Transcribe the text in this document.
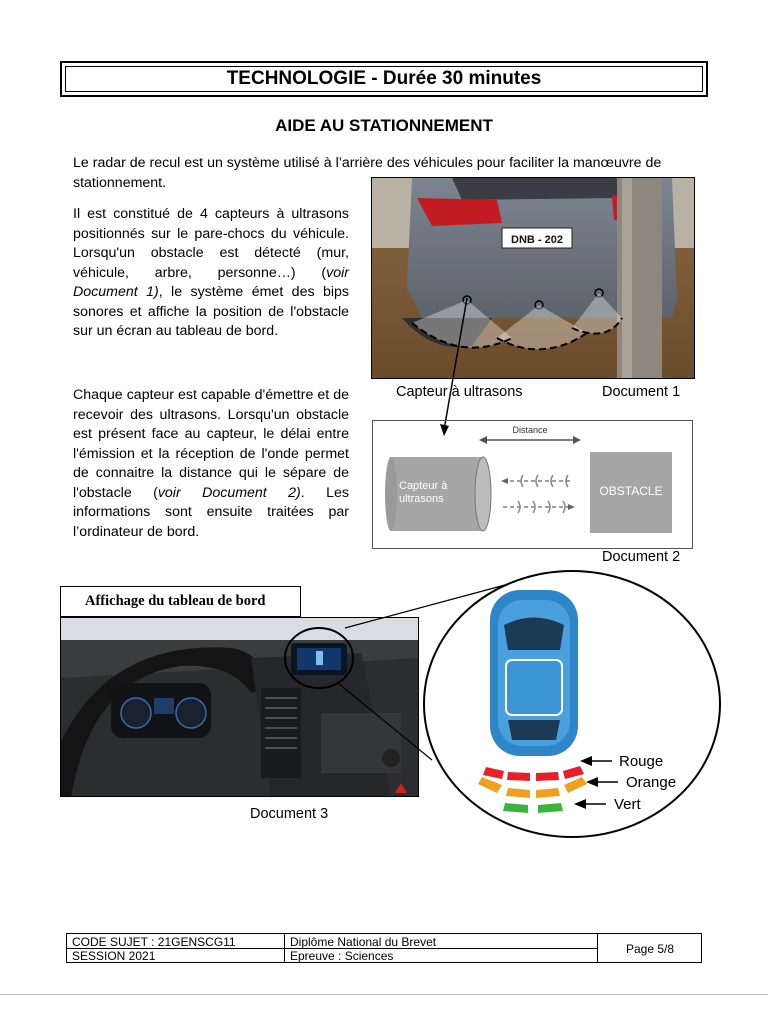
TECHNOLOGIE - Durée 30 minutes
AIDE AU STATIONNEMENT
Le radar de recul est un système utilisé à l’arrière des véhicules pour faciliter la manœuvre de stationnement.
Il est constitué de 4 capteurs à ultrasons positionnés sur le pare-chocs du véhicule. Lorsqu'un obstacle est détecté (mur, véhicule, arbre, personne…) (voir Document 1), le système émet des bips sonores et affiche la position de l'obstacle sur un écran au tableau de bord.
Chaque capteur est capable d'émettre et de recevoir des ultrasons. Lorsqu'un obstacle est présent face au capteur, le délai entre l'émission et la réception de l'onde permet de connaitre la distance qui le sépare de l'obstacle (voir Document 2). Les informations sont ensuite traitées par l’ordinateur de bord.
DNB - 202
Capteur à ultrasons	Document 1
Distance
Capteur à
ultrasons
OBSTACLE
Document 2
Affichage du tableau de bord
Document 3
Rouge
Orange
Vert
CODE SUJET : 21GENSCG11
SESSION 2021
Diplôme National du Brevet
Epreuve : Sciences	Page 5/8
